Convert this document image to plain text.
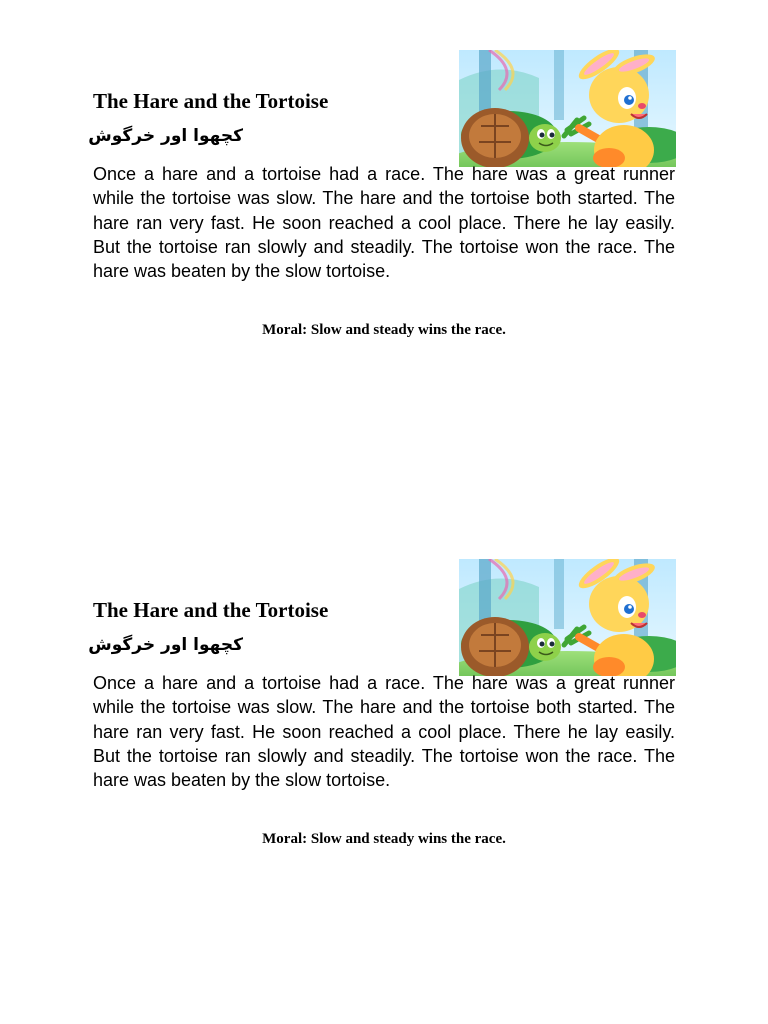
The Hare and the Tortoise
کچھوا اور خرگوش

Once a hare and a tortoise had a race. The hare was a great runner while the tortoise was slow. The hare and the tortoise both started. The hare ran very fast. He soon reached a cool place. There he lay easily. But the tortoise ran slowly and steadily. The tortoise won the race. The hare was beaten by the slow tortoise.

Moral: Slow and steady wins the race.

The Hare and the Tortoise
کچھوا اور خرگوش

Once a hare and a tortoise had a race. The hare was a great runner while the tortoise was slow. The hare and the tortoise both started. The hare ran very fast. He soon reached a cool place. There he lay easily. But the tortoise ran slowly and steadily. The tortoise won the race. The hare was beaten by the slow tortoise.

Moral: Slow and steady wins the race.
